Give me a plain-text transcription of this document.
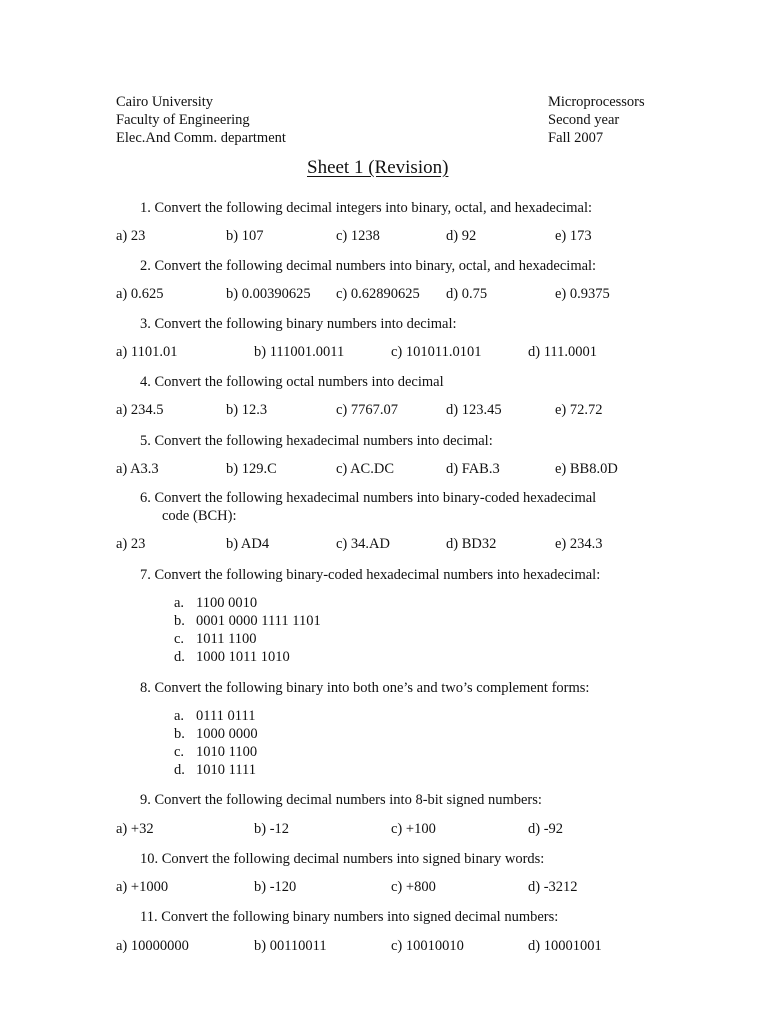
Cairo University
Faculty of Engineering
Elec.And Comm. department
Microprocessors
Second year
Fall 2007
Sheet 1 (Revision)
1. Convert the following decimal integers into binary, octal, and hexadecimal:
a) 23	b) 107	c) 1238	d) 92	e) 173
2. Convert the following decimal numbers into binary, octal, and hexadecimal:
a) 0.625	b) 0.00390625 c) 0.62890625 d) 0.75	e) 0.9375
3. Convert the following binary numbers into decimal:
a) 1101.01	b) 111001.0011	c) 101011.0101	d) 111.0001
4. Convert the following octal numbers into decimal
a) 234.5	b) 12.3	c) 7767.07	d) 123.45	e) 72.72
5. Convert the following hexadecimal numbers into decimal:
a) A3.3	b) 129.C	c) AC.DC	d) FAB.3	e) BB8.0D
6. Convert the following hexadecimal numbers into binary-coded hexadecimal
code (BCH):
a) 23	b) AD4	c) 34.AD	d) BD32	e) 234.3
7. Convert the following binary-coded hexadecimal numbers into hexadecimal:
a. 1100 0010
b. 0001 0000 1111 1101
c. 1011 1100
d. 1000 1011 1010
8. Convert the following binary into both one’s and two’s complement forms:
a. 0111 0111
b. 1000 0000
c. 1010 1100
d. 1010 1111
9. Convert the following decimal numbers into 8-bit signed numbers:
a) +32	b) -12	c) +100	d) -92
10. Convert the following decimal numbers into signed binary words:
a) +1000	b) -120	c) +800	d) -3212
11. Convert the following binary numbers into signed decimal numbers:
a) 10000000	b) 00110011	c) 10010010	d) 10001001
